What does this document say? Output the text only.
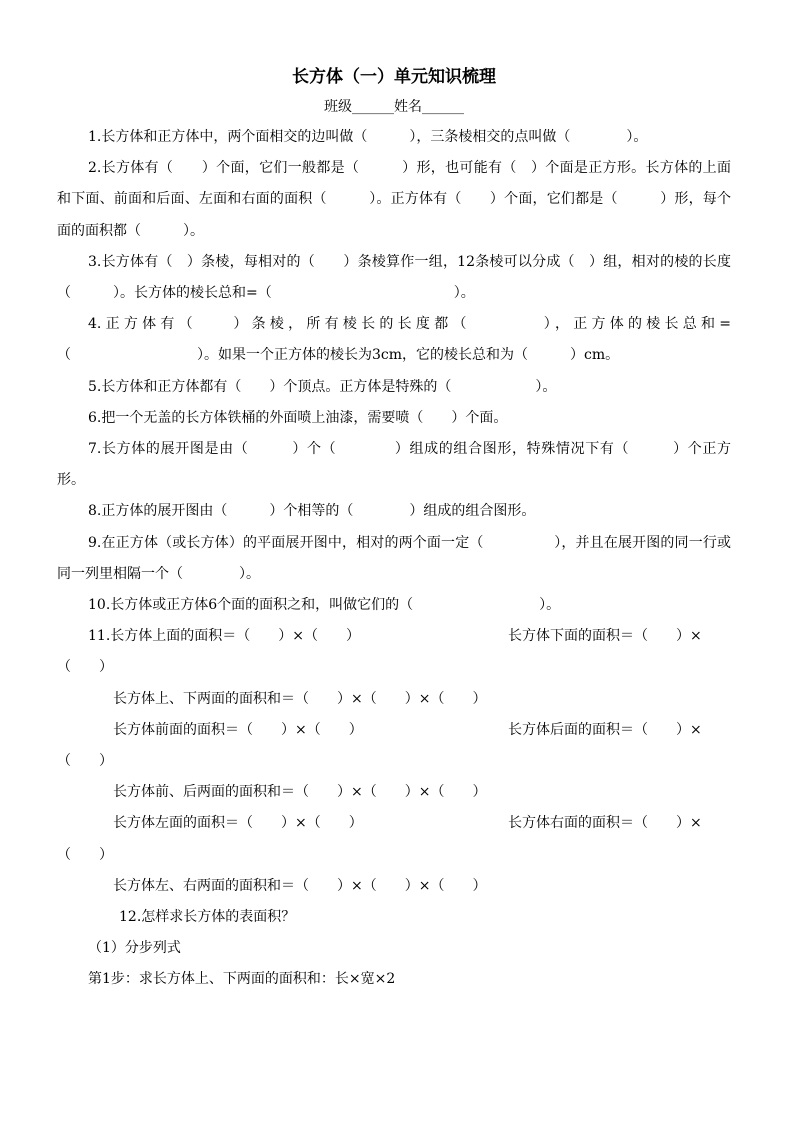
长方体（一）单元知识梳理
班级______姓名______
1.长方体和正方体中，两个面相交的边叫做（　　　），三条棱相交的点叫做（　　　　）。
2.长方体有（　　）个面，它们一般都是（　　　）形，也可能有（　）个面是正方形。长方体的上面和下面、前面和后面、左面和右面的面积（　　　）。正方体有（　　）个面，它们都是（　　　）形，每个面的面积都（　　　）。
3.长方体有（　）条棱，每相对的（　　）条棱算作一组，12条棱可以分成（　）组，相对的棱的长度（　　　）。长方体的棱长总和=（　　　　　　　　　　　　　）。
4.正方体有（　　）条棱，所有棱长的长度都（　　　　），正方体的棱长总和=（　　　　　　　　　）。如果一个正方体的棱长为3cm，它的棱长总和为（　　　）cm。
5.长方体和正方体都有（　　）个顶点。正方体是特殊的（　　　　　　）。
6.把一个无盖的长方体铁桶的外面喷上油漆，需要喷（　　）个面。
7.长方体的展开图是由（　　　）个（　　　　）组成的组合图形，特殊情况下有（　　　）个正方形。
8.正方体的展开图由（　　　）个相等的（　　　　）组成的组合图形。
9.在正方体（或长方体）的平面展开图中，相对的两个面一定（　　　　　），并且在展开图的同一行或同一列里相隔一个（　　　　）。
10.长方体或正方体6个面的面积之和，叫做它们的（　　　　　　　　　）。
11.长方体上面的面积＝（　　）×（　　）	长方体下面的面积＝（　　）×
（　　）
长方体上、下两面的面积和＝（　　）×（　　）×（　　）
长方体前面的面积＝（　　）×（　　）	长方体后面的面积＝（　　）×
（　　）
长方体前、后两面的面积和＝（　　）×（　　）×（　　）
长方体左面的面积＝（　　）×（　　）	长方体右面的面积＝（　　）×
（　　）
长方体左、右两面的面积和＝（　　）×（　　）×（　　）
12.怎样求长方体的表面积？
（1）分步列式
第1步：求长方体上、下两面的面积和：长×宽×2
